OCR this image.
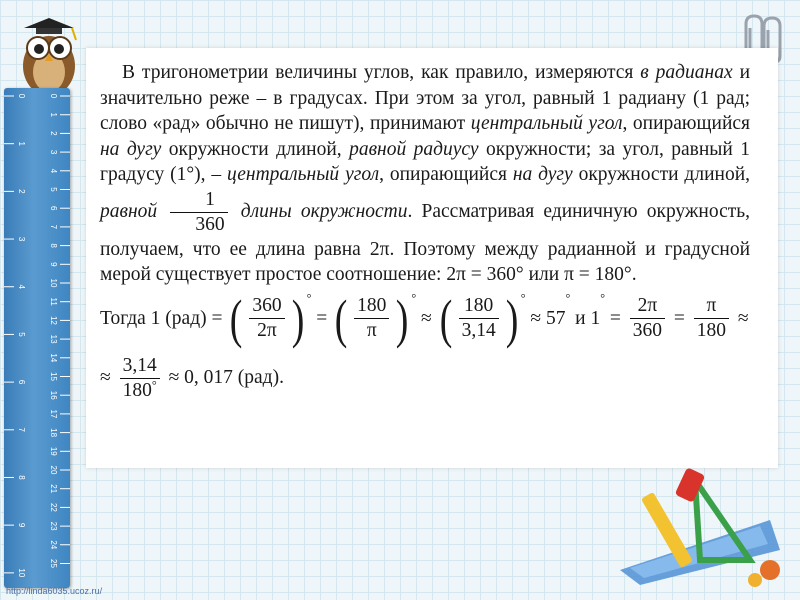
0
1
2
3
4
5
6
7
8
9
10
11
12
13
14
15
16
17
18
19
20
21
22
23
24
25
0
1
2
3
4
5
6
7
8
9
10

В тригонометрии величины углов, как правило, измеряются в радианах и значительно реже – в градусах. При этом за угол, равный 1 радиану (1 рад; слово «рад» обычно не пишут), принимают центральный угол, опирающийся на дугу окружности длиной, равной радиусу окружности; за угол, равный 1 градусу (1°), – центральный угол, опирающийся на дугу окружности длиной, равной $\frac{1}{360}$ длины окружности. Рассматривая единичную окружность, получаем, что ее длина равна 2π. Поэтому между радианной и градусной мерой существует простое соотношение: 2π = 360° или π = 180°.

Тогда 1 (рад) = ( $\frac{360}{2\pi}$ ) ° = ( $\frac{180}{\pi}$ ) ° ≈ ( $\frac{180}{3,14}$ ) ° ≈ 57° и $1^\circ = \frac{2\pi}{360} = \frac{\pi}{180}$ ≈
≈ $\frac{3,14}{180^\circ} \approx 0$, 017 (рад).
http://linda6035.ucoz.ru/
